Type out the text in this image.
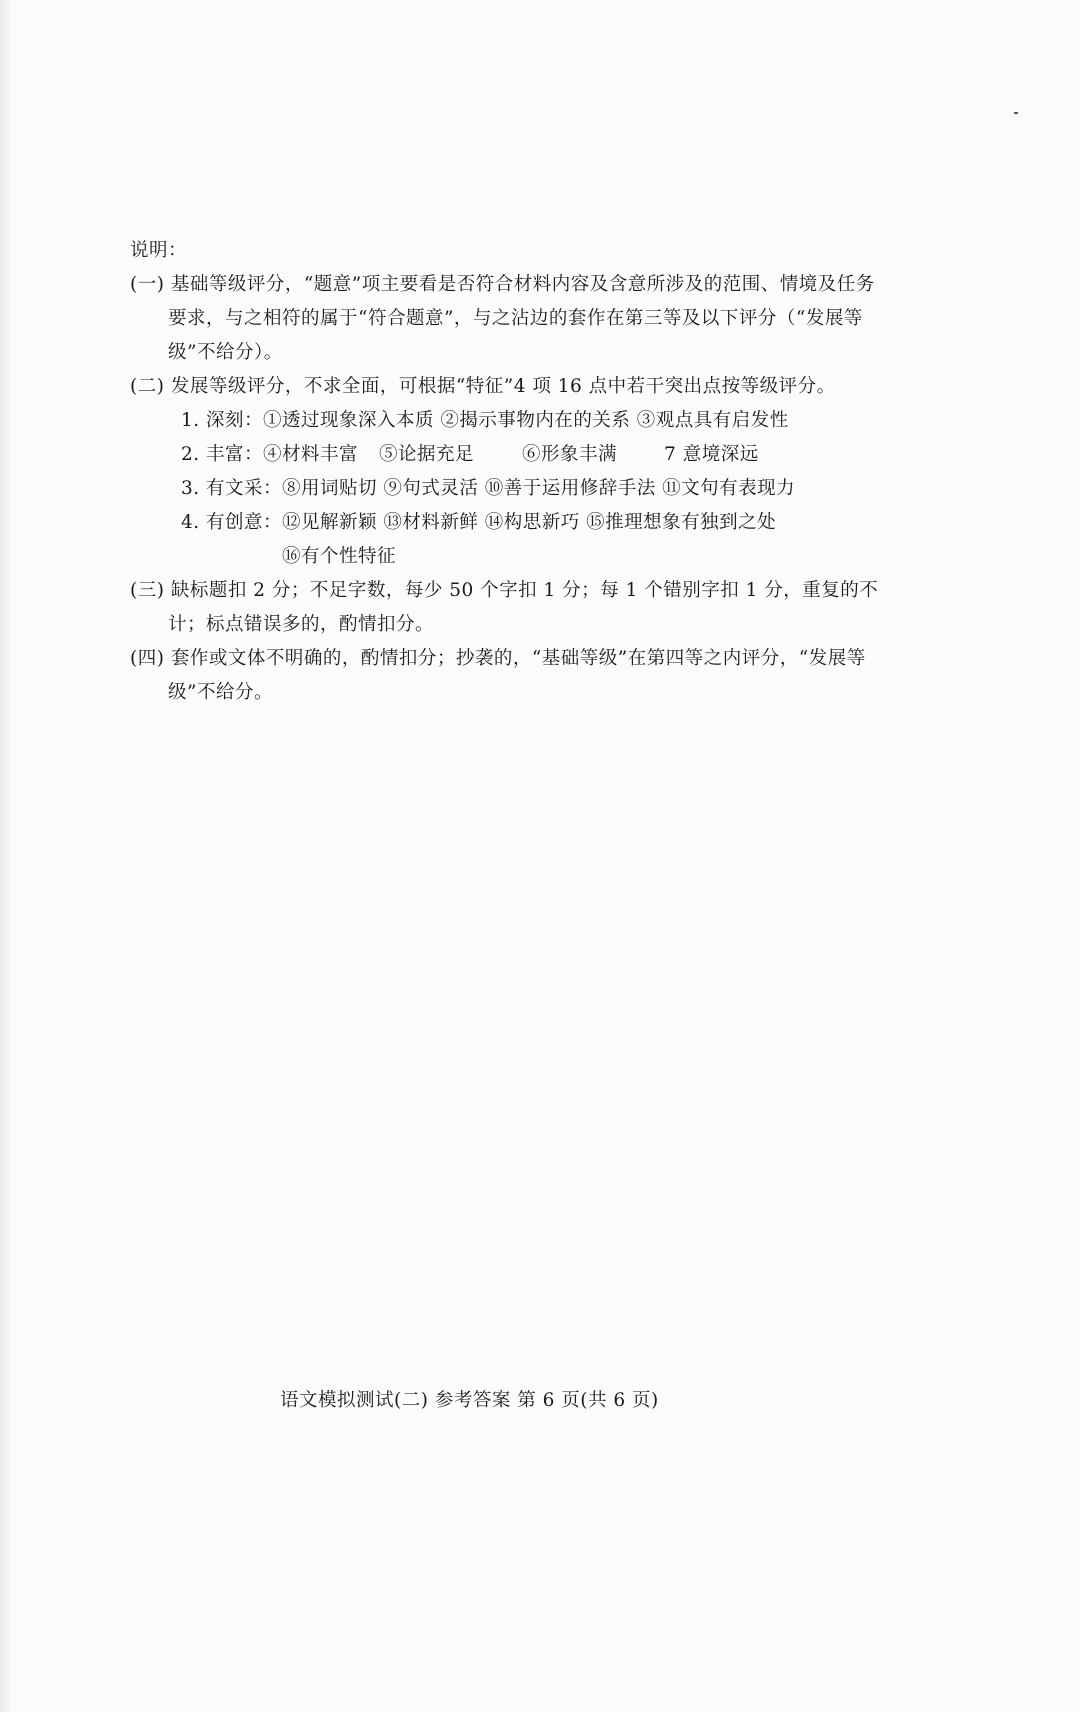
说明：
(一) 基础等级评分，“题意”项主要看是否符合材料内容及含意所涉及的范围、情境及任务
要求，与之相符的属于“符合题意”，与之沾边的套作在第三等及以下评分（“发展等
级”不给分）。
(二) 发展等级评分，不求全面，可根据“特征”4 项 16 点中若干突出点按等级评分。
1. 深刻：①透过现象深入本质 ②揭示事物内在的关系 ③观点具有启发性
2. 丰富：④材料丰富 ⑤论据充足	⑥形象丰满	7 意境深远
3. 有文采：⑧用词贴切 ⑨句式灵活 ⑩善于运用修辞手法 ⑪文句有表现力
4. 有创意：⑫见解新颖 ⑬材料新鲜 ⑭构思新巧 ⑮推理想象有独到之处
⑯有个性特征
(三) 缺标题扣 2 分；不足字数，每少 50 个字扣 1 分；每 1 个错别字扣 1 分，重复的不
计；标点错误多的，酌情扣分。
(四) 套作或文体不明确的，酌情扣分；抄袭的，“基础等级”在第四等之内评分，“发展等
级”不给分。
语文模拟测试(二) 参考答案 第 6 页(共 6 页)
